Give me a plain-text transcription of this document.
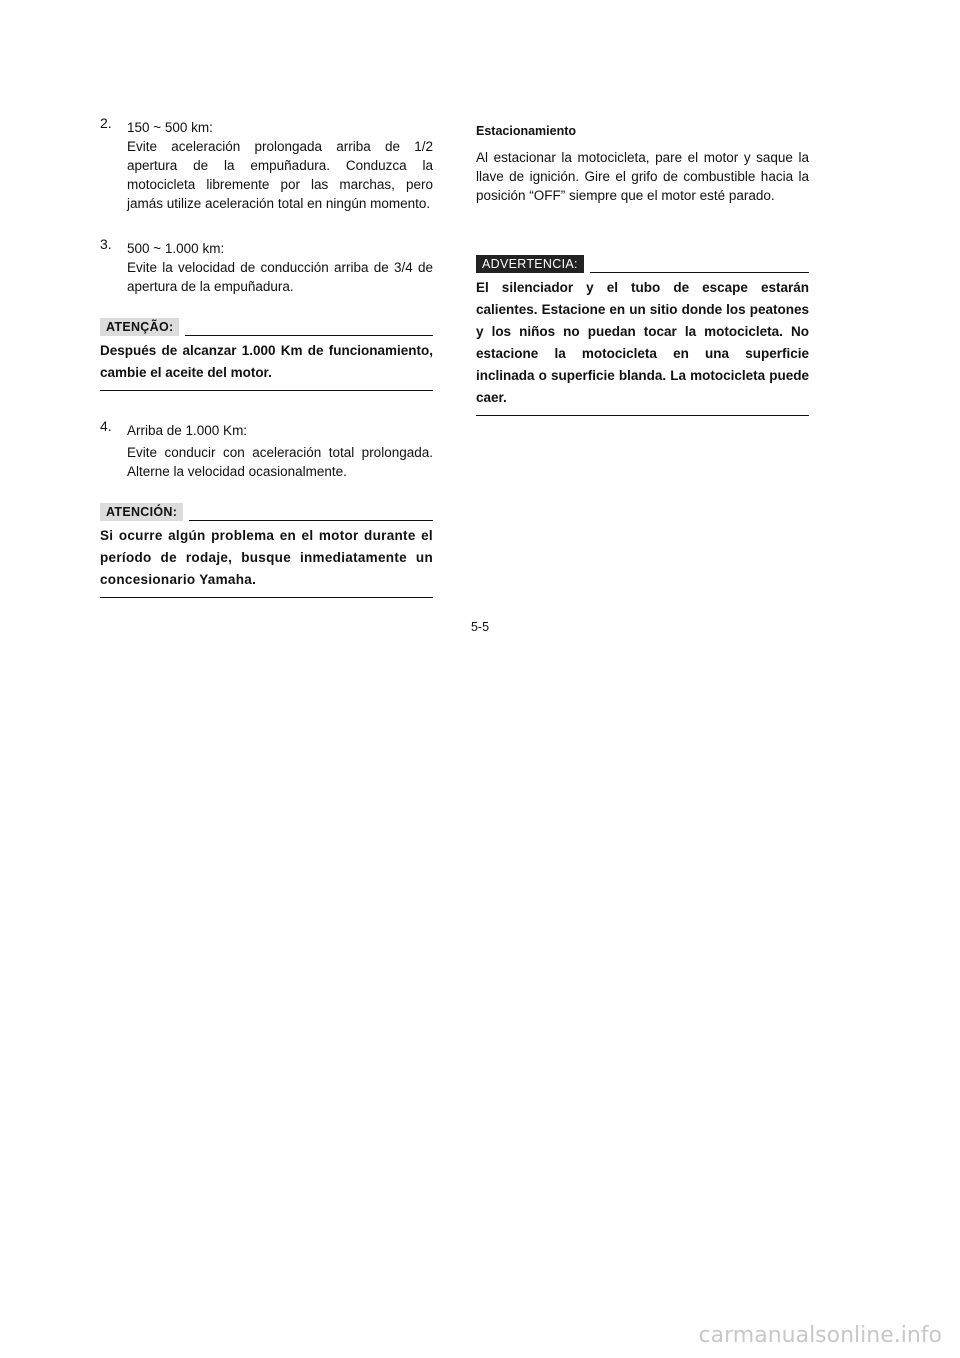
2. 150 ~ 500 km:
Evite aceleración prolongada arriba de 1/2 apertura de la empuñadura. Conduzca la motocicleta libremente por las marchas, pero jamás utilize aceleración total en ningún momento.
3. 500 ~ 1.000 km:
Evite la velocidad de conducción arriba de 3/4 de apertura de la empuñadura.
ATENÇÃO:
Después de alcanzar 1.000 Km de funcionamiento, cambie el aceite del motor.
4. Arriba de 1.000 Km:
Evite conducir con aceleración total prolongada. Alterne la velocidad ocasionalmente.
ATENCIÓN:
Si ocurre algún problema en el motor durante el período de rodaje, busque inmediatamente un concesionario Yamaha.
Estacionamiento
Al estacionar la motocicleta, pare el motor y saque la llave de ignición. Gire el grifo de combustible hacia la posición “OFF” siempre que el motor esté parado.
ADVERTENCIA:
El silenciador y el tubo de escape estarán calientes. Estacione en un sitio donde los peatones y los niños no puedan tocar la motocicleta. No estacione la motocicleta en una superficie inclinada o superficie blanda. La motocicleta puede caer.
5-5
carmanualsonline.info
